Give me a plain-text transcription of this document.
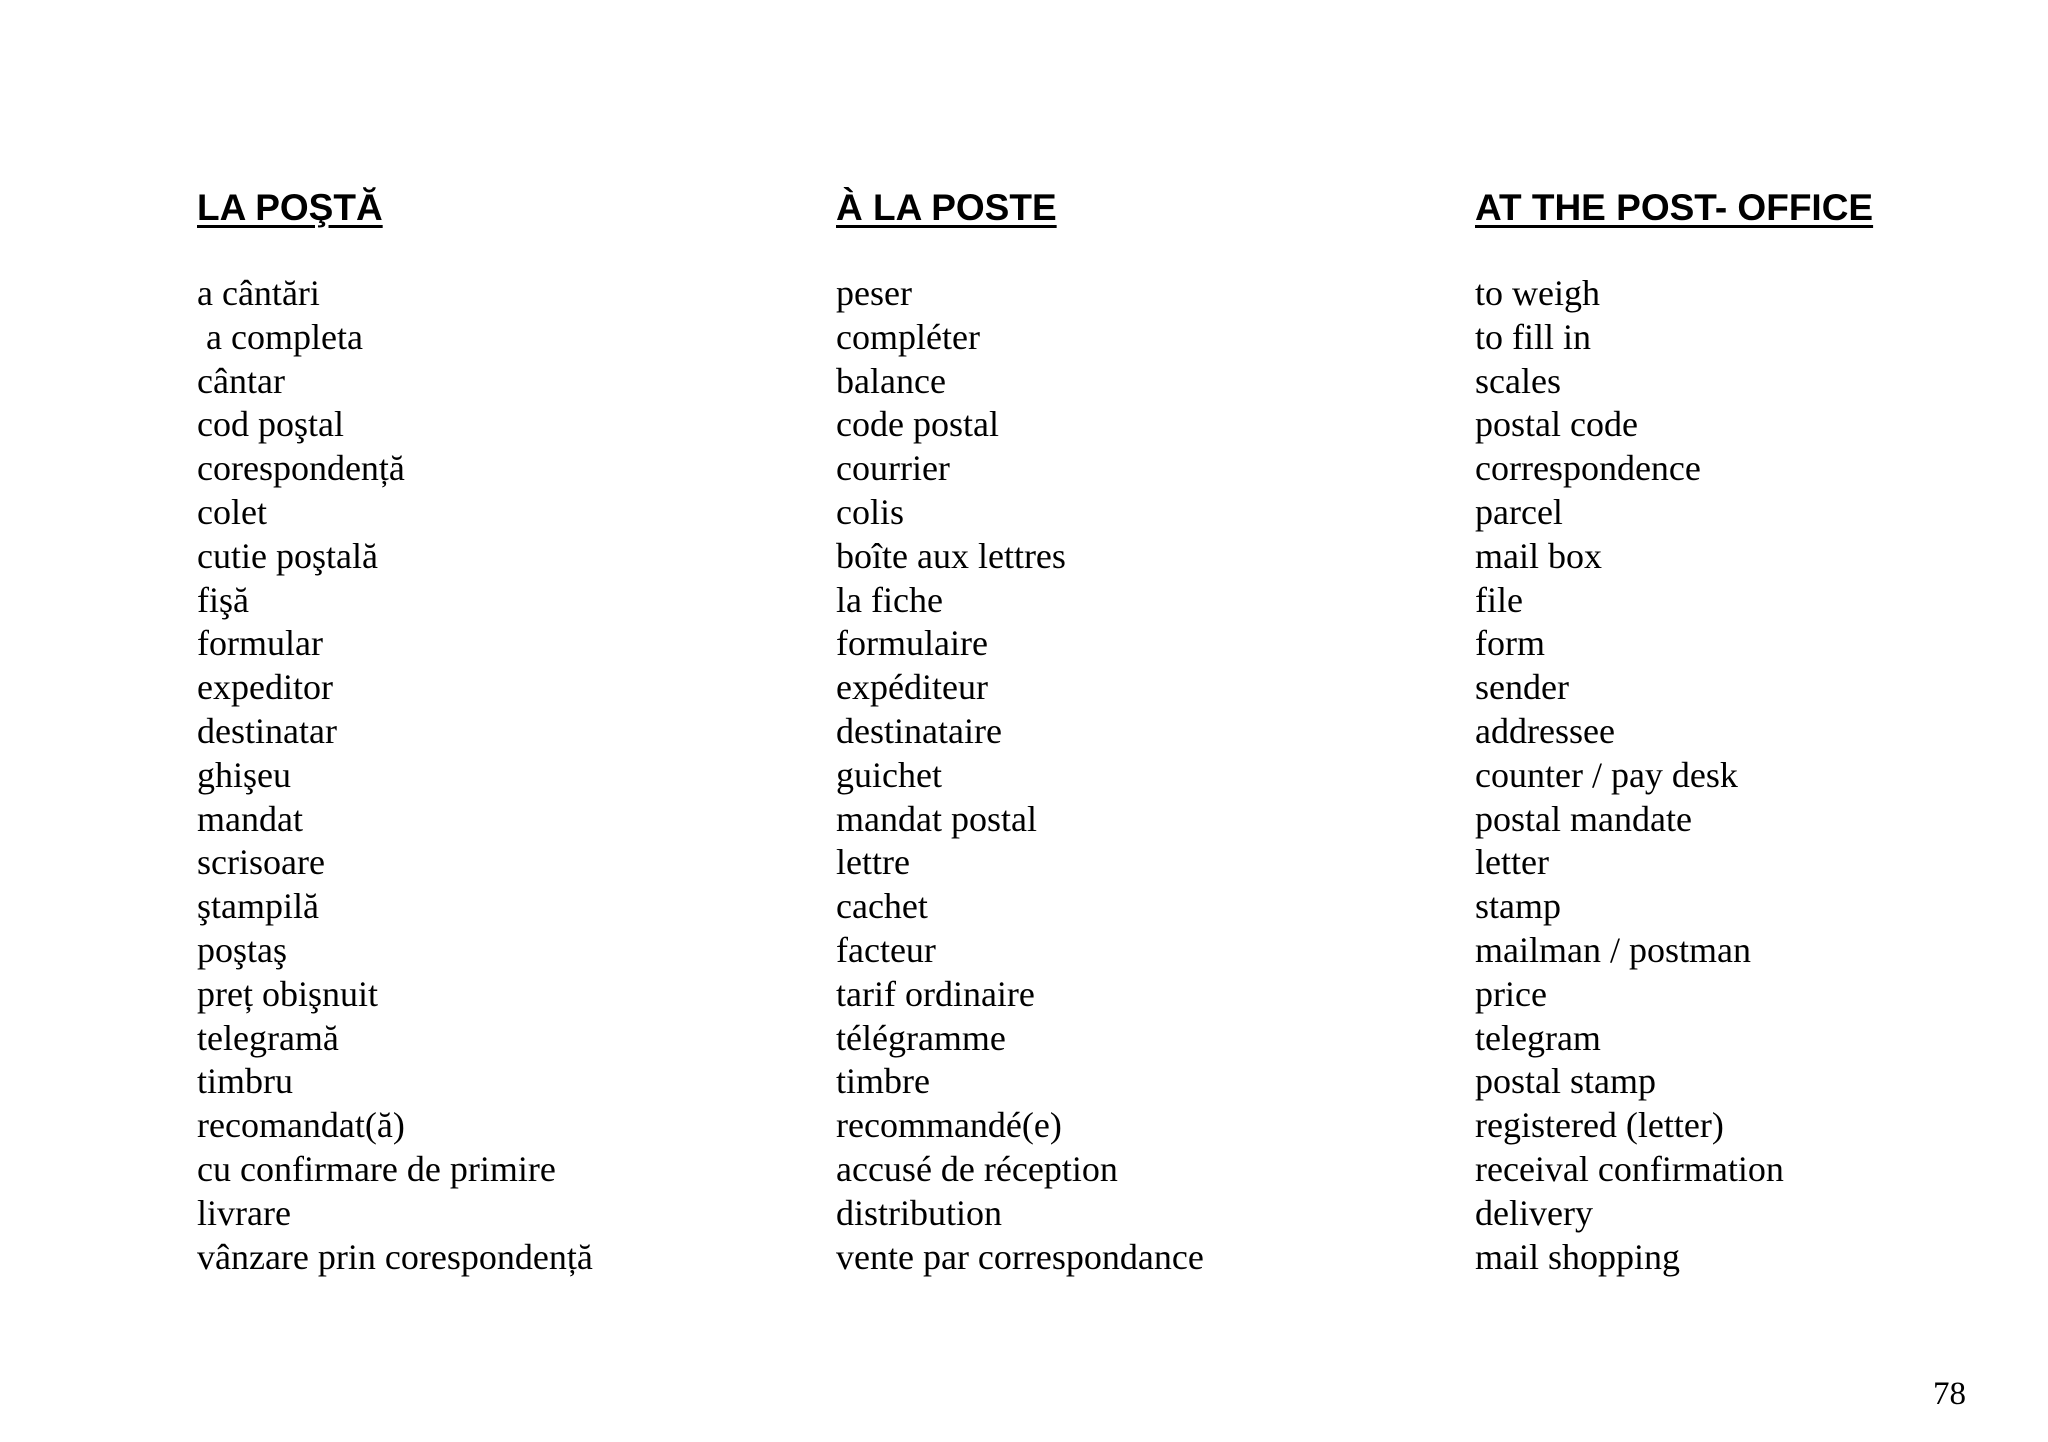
LA POŞTĂ
a cântări
a completa
cântar
cod poştal
corespondență
colet
cutie poştală
fişă
formular
expeditor
destinatar
ghişeu
mandat
scrisoare
ştampilă
poştaş
preț obişnuit
telegramă
timbru
recomandat(ă)
cu confirmare de primire
livrare
vânzare prin corespondență
À LA POSTE
peser
compléter
balance
code postal
courrier
colis
boîte aux lettres
la fiche
formulaire
expéditeur
destinataire
guichet
mandat postal
lettre
cachet
facteur
tarif ordinaire
télégramme
timbre
recommandé(e)
accusé de réception
distribution
vente par correspondance
AT THE POST- OFFICE
to weigh
to fill in
scales
postal code
correspondence
parcel
mail box
file
form
sender
addressee
counter / pay desk
postal mandate
letter
stamp
mailman / postman
price
telegram
postal stamp
registered (letter)
receival confirmation
delivery
mail shopping
78
